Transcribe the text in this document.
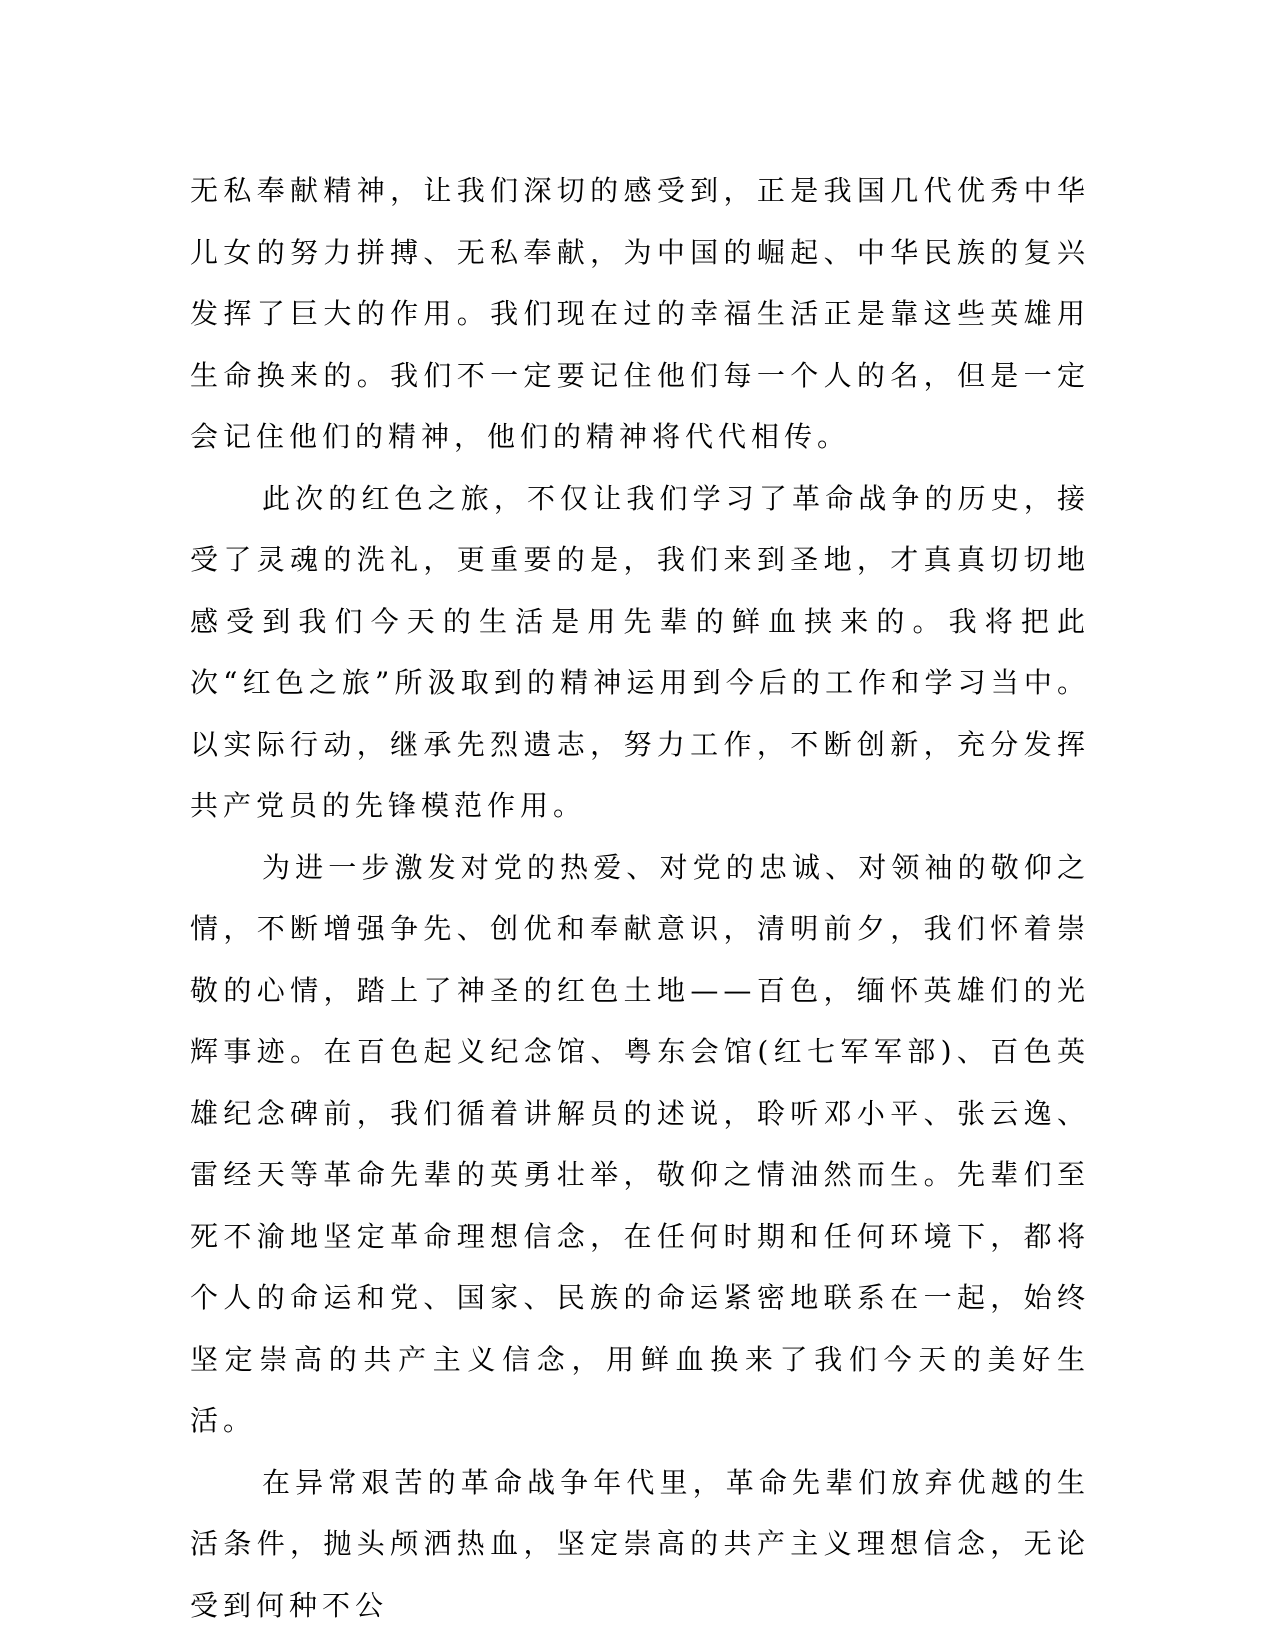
无私奉献精神，让我们深切的感受到，正是我国几代优秀中华儿女的努力拼搏、无私奉献，为中国的崛起、中华民族的复兴发挥了巨大的作用。我们现在过的幸福生活正是靠这些英雄用生命换来的。我们不一定要记住他们每一个人的名，但是一定会记住他们的精神，他们的精神将代代相传。

此次的红色之旅，不仅让我们学习了革命战争的历史，接受了灵魂的洗礼，更重要的是，我们来到圣地，才真真切切地感受到我们今天的生活是用先辈的鲜血挟来的。我将把此次“红色之旅”所汲取到的精神运用到今后的工作和学习当中。以实际行动，继承先烈遗志，努力工作，不断创新，充分发挥共产党员的先锋模范作用。

为进一步激发对党的热爱、对党的忠诚、对领袖的敬仰之情，不断增强争先、创优和奉献意识，清明前夕，我们怀着崇敬的心情，踏上了神圣的红色土地——百色，缅怀英雄们的光辉事迹。在百色起义纪念馆、粤东会馆(红七军军部)、百色英雄纪念碑前，我们循着讲解员的述说，聆听邓小平、张云逸、雷经天等革命先辈的英勇壮举，敬仰之情油然而生。先辈们至死不渝地坚定革命理想信念，在任何时期和任何环境下，都将个人的命运和党、国家、民族的命运紧密地联系在一起，始终坚定崇高的共产主义信念，用鲜血换来了我们今天的美好生活。

在异常艰苦的革命战争年代里，革命先辈们放弃优越的生活条件，抛头颅洒热血，坚定崇高的共产主义理想信念，无论受到何种不公
